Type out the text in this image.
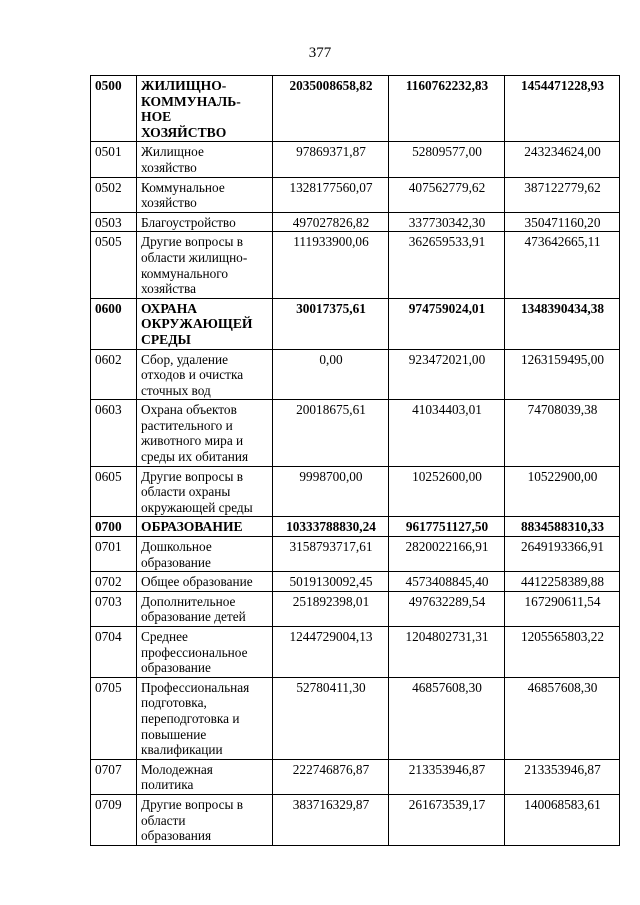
377
0500	ЖИЛИЩНО-
КОММУНАЛЬ-
НОЕ
ХОЗЯЙСТВО	2035008658,82	1160762232,83	1454471228,93
0501	Жилищное
хозяйство	97869371,87	52809577,00	243234624,00
0502	Коммунальное
хозяйство	1328177560,07	407562779,62	387122779,62
0503	Благоустройство	497027826,82	337730342,30	350471160,20
0505	Другие вопросы в
области жилищно-
коммунального
хозяйства	111933900,06	362659533,91	473642665,11
0600	ОХРАНА
ОКРУЖАЮЩЕЙ
СРЕДЫ	30017375,61	974759024,01	1348390434,38
0602	Сбор, удаление
отходов и очистка
сточных вод	0,00	923472021,00	1263159495,00
0603	Охрана объектов
растительного и
животного мира и
среды их обитания	20018675,61	41034403,01	74708039,38
0605	Другие вопросы в
области охраны
окружающей среды	9998700,00	10252600,00	10522900,00
0700	ОБРАЗОВАНИЕ	10333788830,24	9617751127,50	8834588310,33
0701	Дошкольное
образование	3158793717,61	2820022166,91	2649193366,91
0702	Общее образование	5019130092,45	4573408845,40	4412258389,88
0703	Дополнительное
образование детей	251892398,01	497632289,54	167290611,54
0704	Среднее
профессиональное
образование	1244729004,13	1204802731,31	1205565803,22
0705	Профессиональная
подготовка,
переподготовка и
повышение
квалификации	52780411,30	46857608,30	46857608,30
0707	Молодежная
политика	222746876,87	213353946,87	213353946,87
0709	Другие вопросы в
области
образования	383716329,87	261673539,17	140068583,61
